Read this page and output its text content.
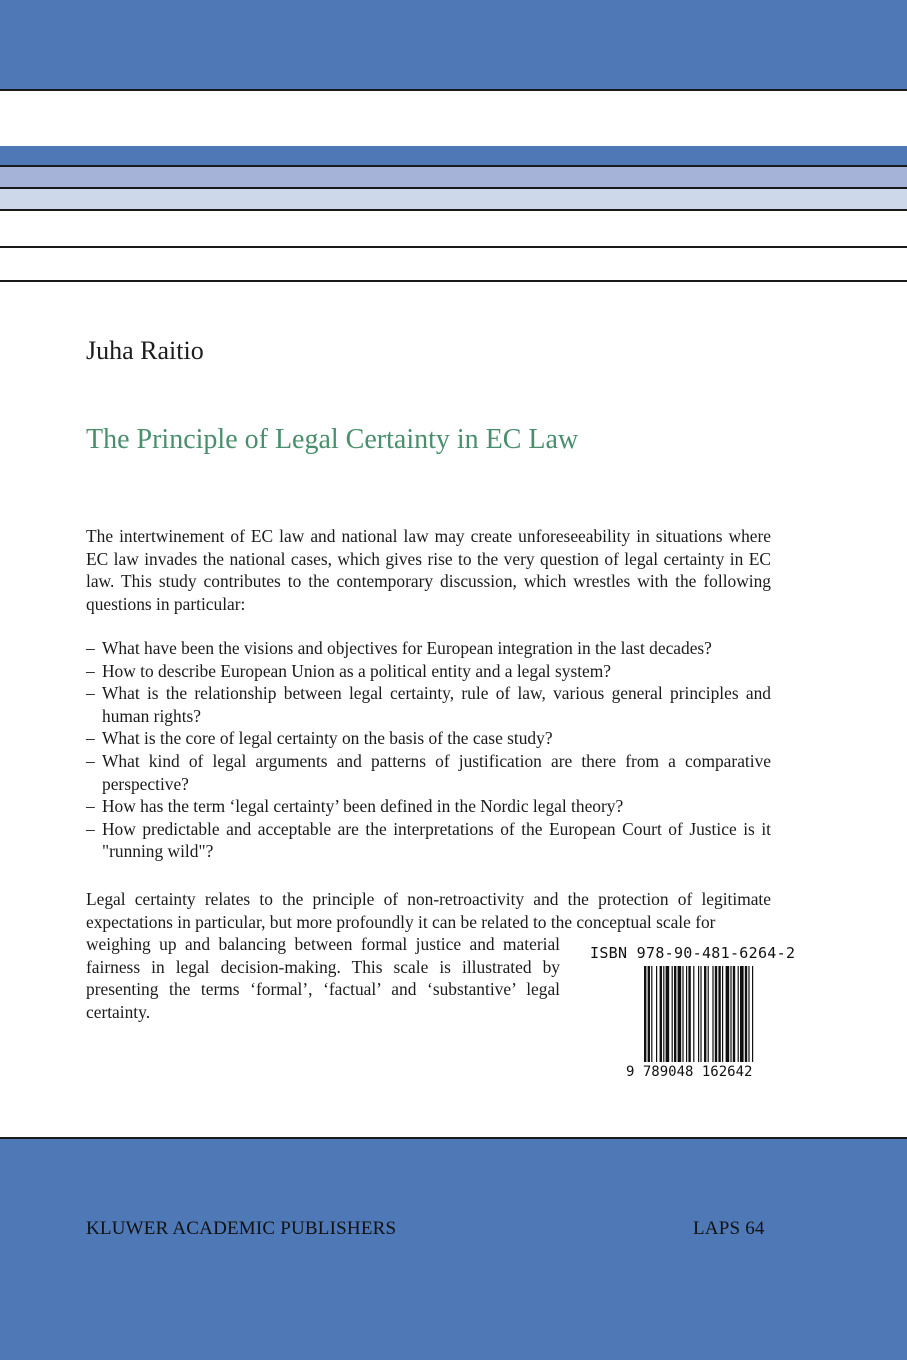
Juha Raitio
The Principle of Legal Certainty in EC Law
The intertwinement of EC law and national law may create unforeseeability in situations where EC law invades the national cases, which gives rise to the very question of legal certainty in EC law. This study contributes to the contemporary discussion, which wrestles with the following questions in particular:
– What have been the visions and objectives for European integration in the last decades?
– How to describe European Union as a political entity and a legal system?
– What is the relationship between legal certainty, rule of law, various general principles and human rights?
– What is the core of legal certainty on the basis of the case study?
– What kind of legal arguments and patterns of justification are there from a comparative perspective?
– How has the term ‘legal certainty’ been defined in the Nordic legal theory?
– How predictable and acceptable are the interpretations of the European Court of Justice is it "running wild"?
Legal certainty relates to the principle of non-retroactivity and the protection of legitimate expectations in particular, but more profoundly it can be related to the conceptual scale for
weighing up and balancing between formal justice and material fairness in legal decision-making. This scale is illustrated by presenting the terms ‘formal’, ‘factual’ and ‘substantive’ legal certainty.
ISBN 978-90-481-6264-2
9 789048 162642
KLUWER ACADEMIC PUBLISHERS	LAPS 64
